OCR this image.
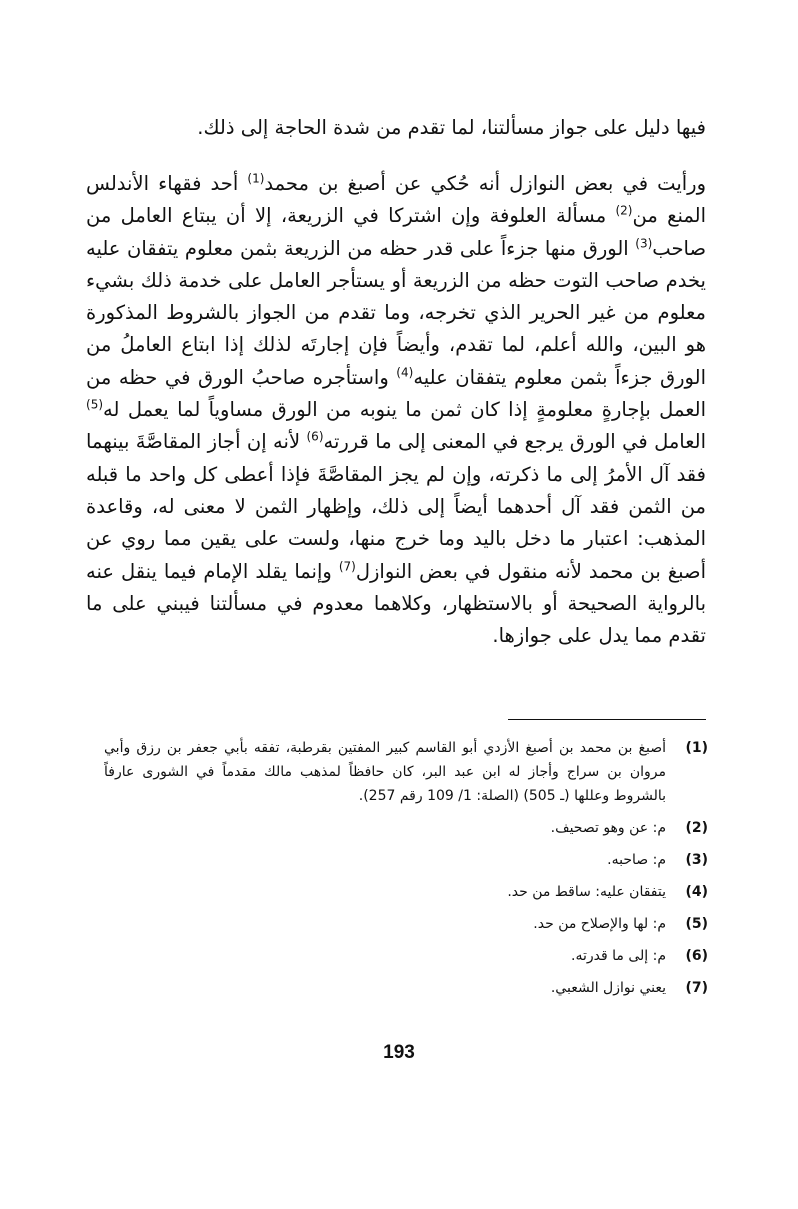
فيها دليل على جواز مسألتنا، لما تقدم من شدة الحاجة إلى ذلك.

ورأيت في بعض النوازل أنه حُكي عن أصبغ بن محمد$^{(1)}$ أحد فقهاء الأندلس المنع من$^{(2)}$ مسألة العلوفة وإن اشتركا في الزريعة، إلا أن يبتاع العامل من صاحب$^{(3)}$ الورق منها جزءاً على قدر حظه من الزريعة بثمن معلوم يتفقان عليه يخدم صاحب التوت حظه من الزريعة أو يستأجر العامل على خدمة ذلك بشيء معلوم من غير الحرير الذي تخرجه، وما تقدم من الجواز بالشروط المذكورة هو البين، والله أعلم، لما تقدم، وأيضاً فإن إجارتَه لذلك إذا ابتاع العاملُ من الورق جزءاً بثمن معلوم يتفقان عليه$^{(4)}$ واستأجره صاحبُ الورق في حظه من العمل بإجارةٍ معلومةٍ إذا كان ثمن ما ينوبه من الورق مساوياً لما يعمل له$^{(5)}$ العامل في الورق يرجع في المعنى إلى ما قررته$^{(6)}$ لأنه إن أجاز المقاصَّةَ بينهما فقد آل الأمرُ إلى ما ذكرته، وإن لم يجز المقاصَّةَ فإذا أعطى كل واحد ما قبله من الثمن فقد آل أحدهما أيضاً إلى ذلك، وإظهار الثمن لا معنى له، وقاعدة المذهب: اعتبار ما دخل باليد وما خرج منها، ولست على يقين مما روي عن أصبغ بن محمد لأنه منقول في بعض النوازل$^{(7)}$ وإنما يقلد الإمام فيما ينقل عنه بالرواية الصحيحة أو بالاستظهار، وكلاهما معدوم في مسألتنا فيبني على ما تقدم مما يدل على جوازها.

(1)
أصبغ بن محمد بن أصبغ الأزدي أبو القاسم كبير المفتين بقرطبة، تفقه بأبي جعفر بن رزق وأبي مروان بن سراج وأجاز له ابن عبد البر، كان حافظاً لمذهب مالك مقدماً في الشورى عارفاً بالشروط وعللها (ـ 505) (الصلة: 1/ 109 رقم 257).
(2)
م: عن وهو تصحيف.
(3)
م: صاحبه.
(4)
يتفقان عليه: ساقط من حد.
(5)
م: لها والإصلاح من حد.
(6)
م: إلى ما قدرته.
(7)
يعني نوازل الشعبي.
193
